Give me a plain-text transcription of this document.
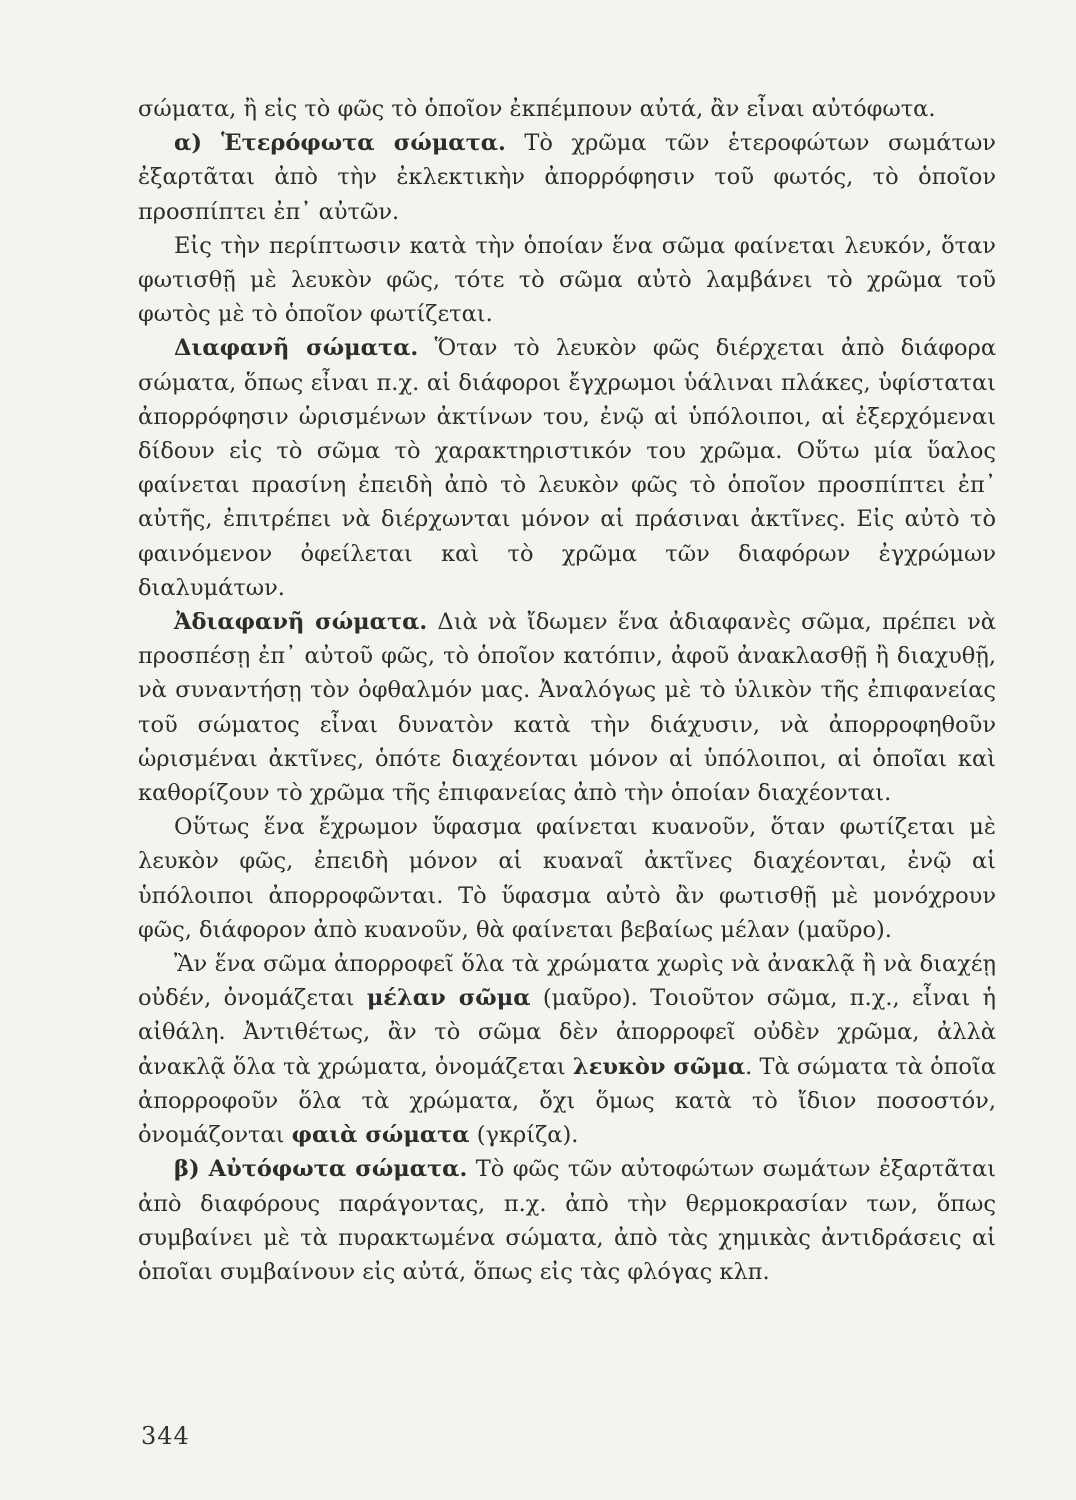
σώματα, ἢ εἰς τὸ φῶς τὸ ὁποῖον ἐκπέμπουν αὐτά, ἂν εἶναι αὐτόφωτα.

α) Ἑτερόφωτα σώματα. Τὸ χρῶμα τῶν ἑτεροφώτων σωμάτων ἐξαρτᾶται ἀπὸ τὴν ἐκλεκτικὴν ἀπορρόφησιν τοῦ φωτός, τὸ ὁποῖον προσπίπτει ἐπ᾽ αὐτῶν.

Εἰς τὴν περίπτωσιν κατὰ τὴν ὁποίαν ἕνα σῶμα φαίνεται λευκόν, ὅταν φωτισθῇ μὲ λευκὸν φῶς, τότε τὸ σῶμα αὐτὸ λαμβάνει τὸ χρῶμα τοῦ φωτὸς μὲ τὸ ὁποῖον φωτίζεται.

Διαφανῆ σώματα. Ὅταν τὸ λευκὸν φῶς διέρχεται ἀπὸ διάφορα σώματα, ὅπως εἶναι π.χ. αἱ διάφοροι ἔγχρωμοι ὑάλιναι πλάκες, ὑφίσταται ἀπορρόφησιν ὡρισμένων ἀκτίνων του, ἐνῷ αἱ ὑπόλοιποι, αἱ ἐξερχόμεναι δίδουν εἰς τὸ σῶμα τὸ χαρακτηριστικόν του χρῶμα. Οὕτω μία ὕαλος φαίνεται πρασίνη ἐπειδὴ ἀπὸ τὸ λευκὸν φῶς τὸ ὁποῖον προσπίπτει ἐπ᾽ αὐτῆς, ἐπιτρέπει νὰ διέρχωνται μόνον αἱ πράσιναι ἀκτῖνες. Εἰς αὐτὸ τὸ φαινόμενον ὀφείλεται καὶ τὸ χρῶμα τῶν διαφόρων ἐγχρώμων διαλυμάτων.

Ἀδιαφανῆ σώματα. Διὰ νὰ ἴδωμεν ἕνα ἀδιαφανὲς σῶμα, πρέπει νὰ προσπέσῃ ἐπ᾽ αὐτοῦ φῶς, τὸ ὁποῖον κατόπιν, ἀφοῦ ἀνακλασθῇ ἢ διαχυθῇ, νὰ συναντήσῃ τὸν ὀφθαλμόν μας. Ἀναλόγως μὲ τὸ ὑλικὸν τῆς ἐπιφανείας τοῦ σώματος εἶναι δυνατὸν κατὰ τὴν διάχυσιν, νὰ ἀπορροφηθοῦν ὡρισμέναι ἀκτῖνες, ὁπότε διαχέονται μόνον αἱ ὑπόλοιποι, αἱ ὁποῖαι καὶ καθορίζουν τὸ χρῶμα τῆς ἐπιφανείας ἀπὸ τὴν ὁποίαν διαχέονται.

Οὕτως ἕνα ἔχρωμον ὕφασμα φαίνεται κυανοῦν, ὅταν φωτίζεται μὲ λευκὸν φῶς, ἐπειδὴ μόνον αἱ κυαναῖ ἀκτῖνες διαχέονται, ἐνῷ αἱ ὑπόλοιποι ἀπορροφῶνται. Τὸ ὕφασμα αὐτὸ ἂν φωτισθῇ μὲ μονόχρουν φῶς, διάφορον ἀπὸ κυανοῦν, θὰ φαίνεται βεβαίως μέλαν (μαῦρο).

Ἂν ἕνα σῶμα ἀπορροφεῖ ὅλα τὰ χρώματα χωρὶς νὰ ἀνακλᾷ ἢ νὰ διαχέῃ οὐδέν, ὀνομάζεται μέλαν σῶμα (μαῦρο). Τοιοῦτον σῶμα, π.χ., εἶναι ἡ αἰθάλη. Ἀντιθέτως, ἂν τὸ σῶμα δὲν ἀπορροφεῖ οὐδὲν χρῶμα, ἀλλὰ ἀνακλᾷ ὅλα τὰ χρώματα, ὀνομάζεται λευκὸν σῶμα. Τὰ σώματα τὰ ὁποῖα ἀπορροφοῦν ὅλα τὰ χρώματα, ὄχι ὅμως κατὰ τὸ ἴδιον ποσοστόν, ὀνομάζονται φαιὰ σώματα (γκρίζα).

β) Αὐτόφωτα σώματα. Τὸ φῶς τῶν αὐτοφώτων σωμάτων ἐξαρτᾶται ἀπὸ διαφόρους παράγοντας, π.χ. ἀπὸ τὴν θερμοκρασίαν των, ὅπως συμβαίνει μὲ τὰ πυρακτωμένα σώματα, ἀπὸ τὰς χημικὰς ἀντιδράσεις αἱ ὁποῖαι συμβαίνουν εἰς αὐτά, ὅπως εἰς τὰς φλόγας κλπ.

344
